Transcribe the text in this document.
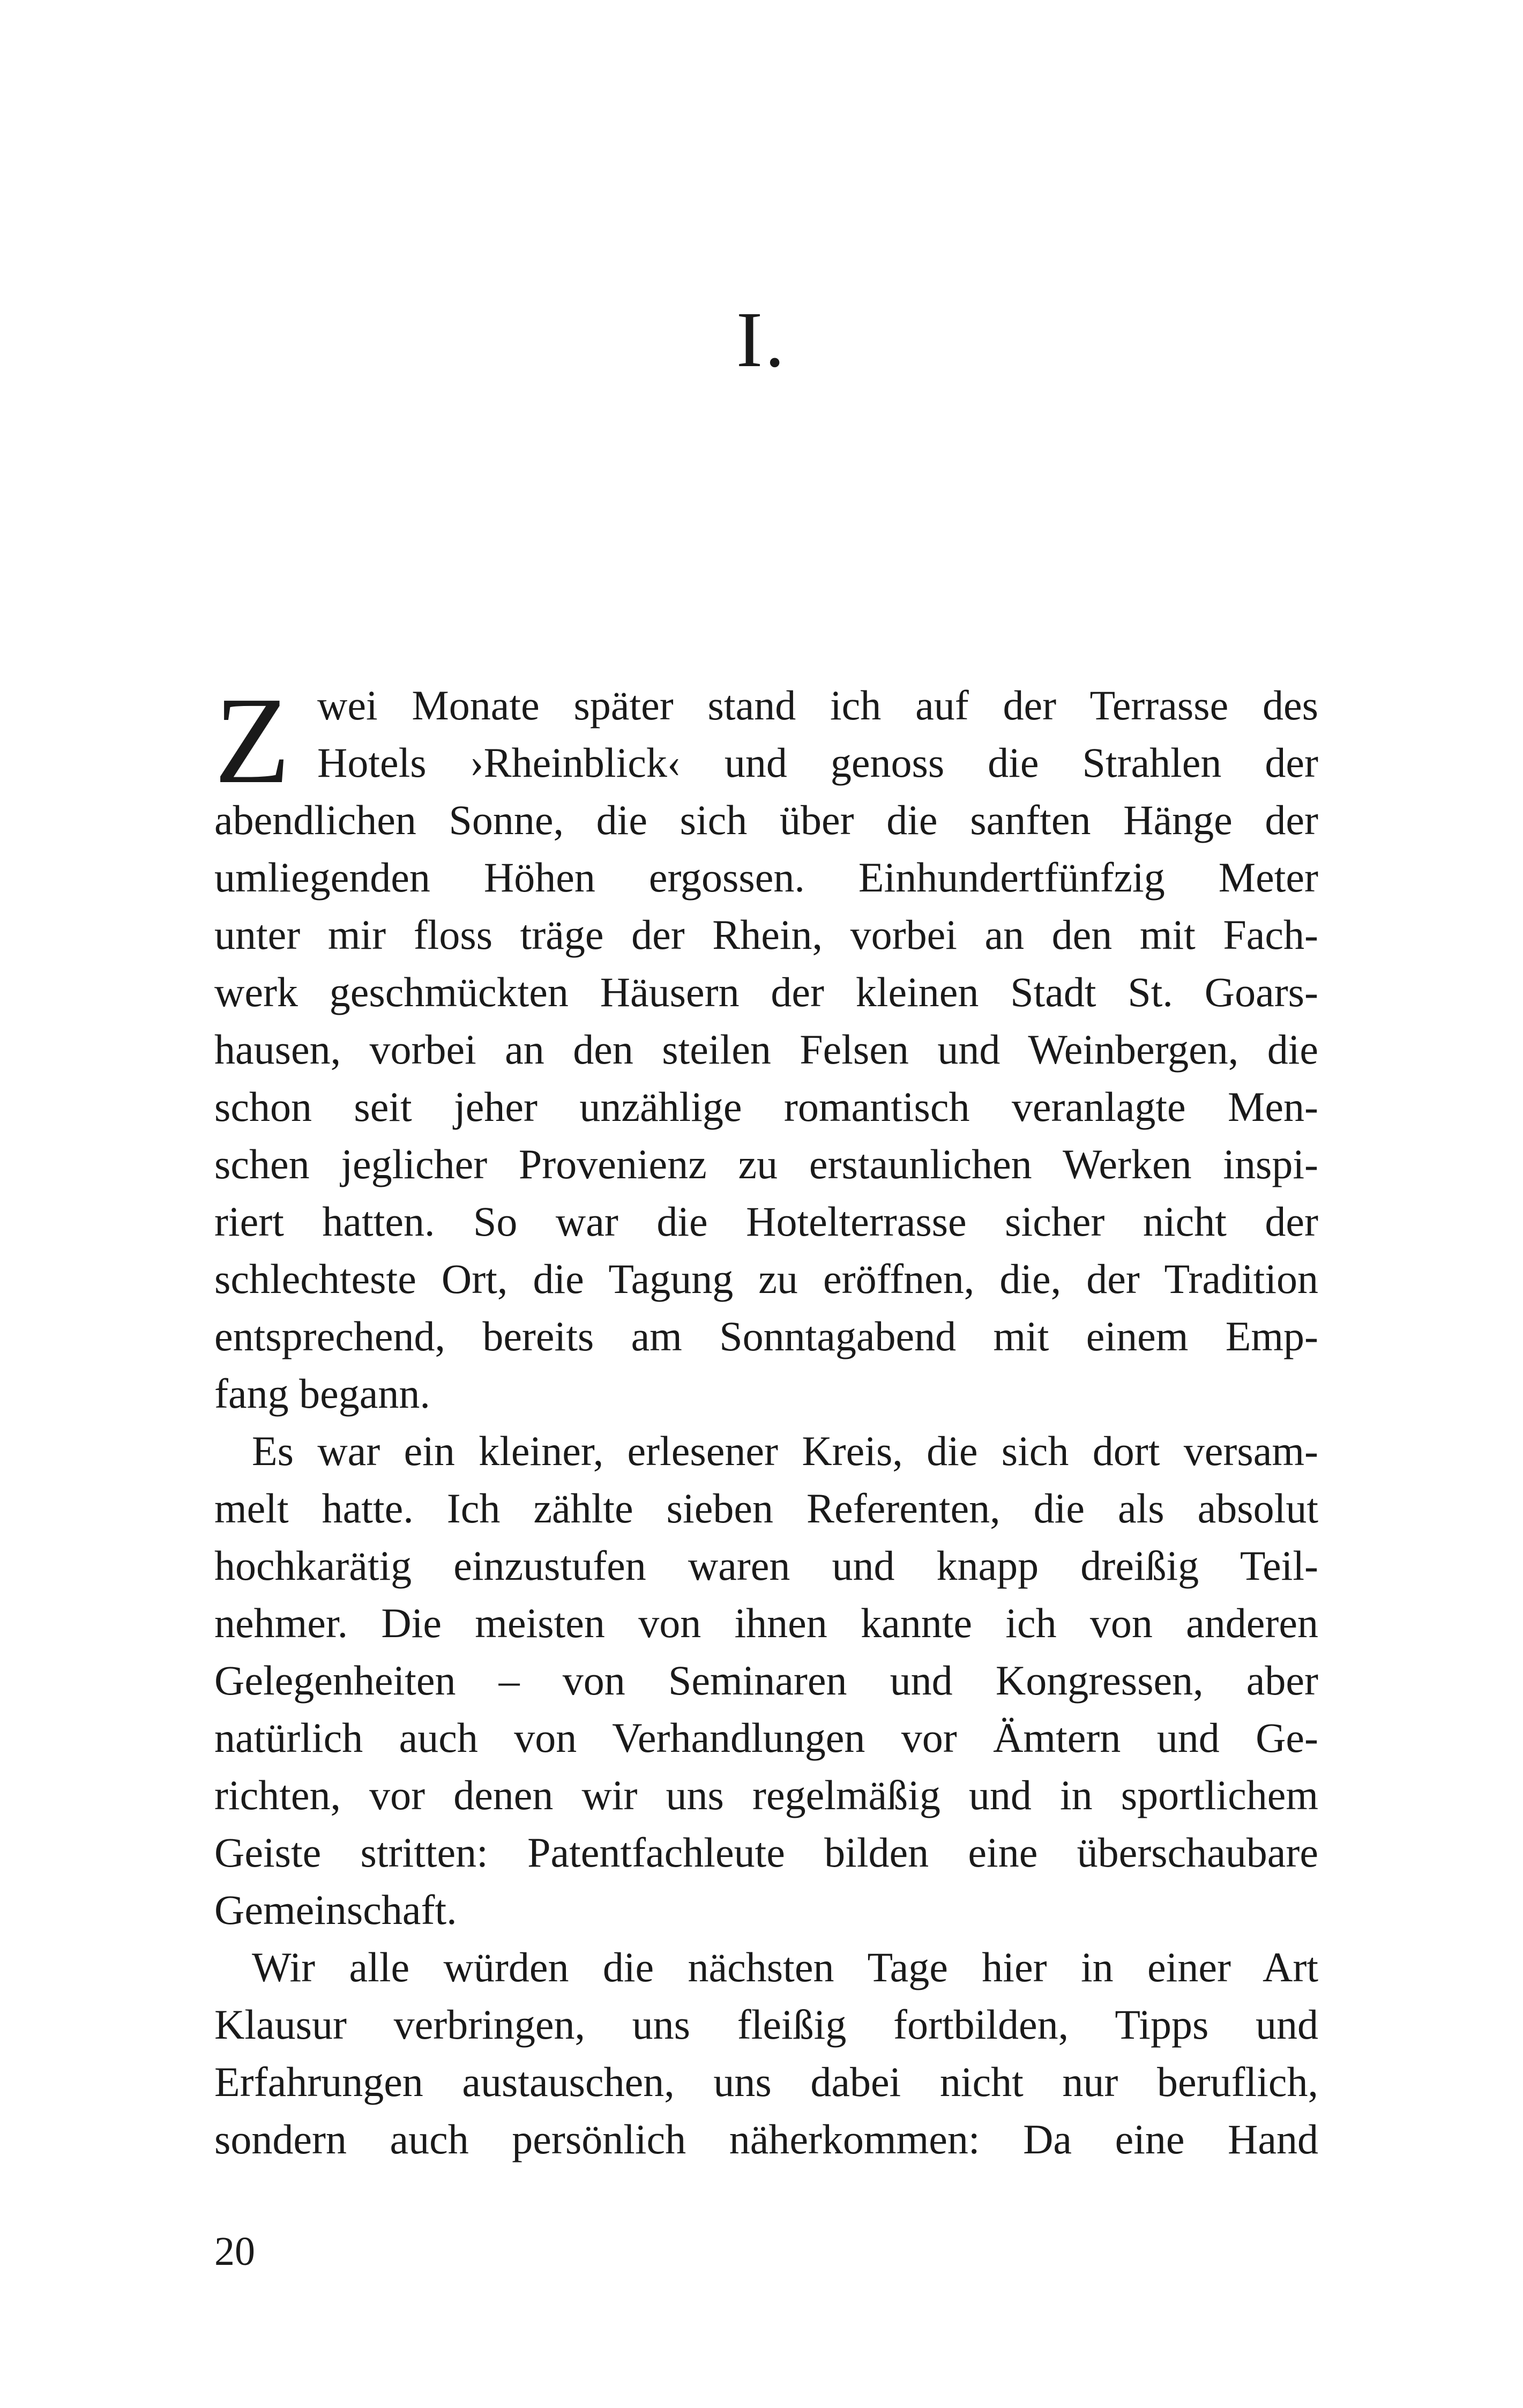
I.
Z wei Monate später stand ich auf der Terrasse des
Hotels ›Rheinblick‹ und genoss die Strahlen der
abendlichen Sonne, die sich über die sanften Hänge der
umliegenden Höhen ergossen. Einhundertfünfzig Meter
unter mir floss träge der Rhein, vorbei an den mit Fach-
werk geschmückten Häusern der kleinen Stadt St. Goars-
hausen, vorbei an den steilen Felsen und Weinbergen, die
schon seit jeher unzählige romantisch veranlagte Men-
schen jeglicher Provenienz zu erstaunlichen Werken inspi-
riert hatten. So war die Hotelterrasse sicher nicht der
schlechteste Ort, die Tagung zu eröffnen, die, der Tradition
entsprechend, bereits am Sonntagabend mit einem Emp-
fang begann.
Es war ein kleiner, erlesener Kreis, die sich dort versam-
melt hatte. Ich zählte sieben Referenten, die als absolut
hochkarätig einzustufen waren und knapp dreißig Teil-
nehmer. Die meisten von ihnen kannte ich von anderen
Gelegenheiten – von Seminaren und Kongressen, aber
natürlich auch von Verhandlungen vor Ämtern und Ge-
richten, vor denen wir uns regelmäßig und in sportlichem
Geiste stritten: Patentfachleute bilden eine überschaubare
Gemeinschaft.
Wir alle würden die nächsten Tage hier in einer Art
Klausur verbringen, uns fleißig fortbilden, Tipps und
Erfahrungen austauschen, uns dabei nicht nur beruflich,
sondern auch persönlich näherkommen: Da eine Hand
20
